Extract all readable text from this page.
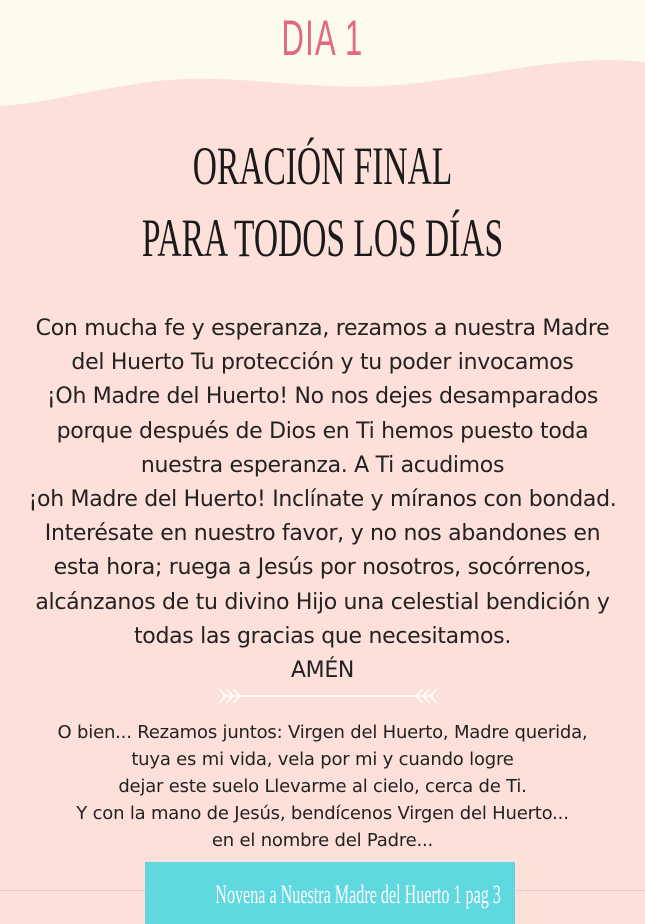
DIA 1
ORACIÓN FINAL
PARA TODOS LOS DÍAS
Con mucha fe y esperanza, rezamos a nuestra Madre
del Huerto Tu protección y tu poder invocamos
¡Oh Madre del Huerto! No nos dejes desamparados
porque después de Dios en Ti hemos puesto toda
nuestra esperanza. A Ti acudimos
¡oh Madre del Huerto! Inclínate y míranos con bondad.
Interésate en nuestro favor, y no nos abandones en
esta hora; ruega a Jesús por nosotros, socórrenos,
alcánzanos de tu divino Hijo una celestial bendición y
todas las gracias que necesitamos.
AMÉN
O bien... Rezamos juntos: Virgen del Huerto, Madre querida,
tuya es mi vida, vela por mi y cuando logre
dejar este suelo Llevarme al cielo, cerca de Ti.
Y con la mano de Jesús, bendícenos Virgen del Huerto...
en el nombre del Padre...
Novena a Nuestra Madre del Huerto 1 pag 3
